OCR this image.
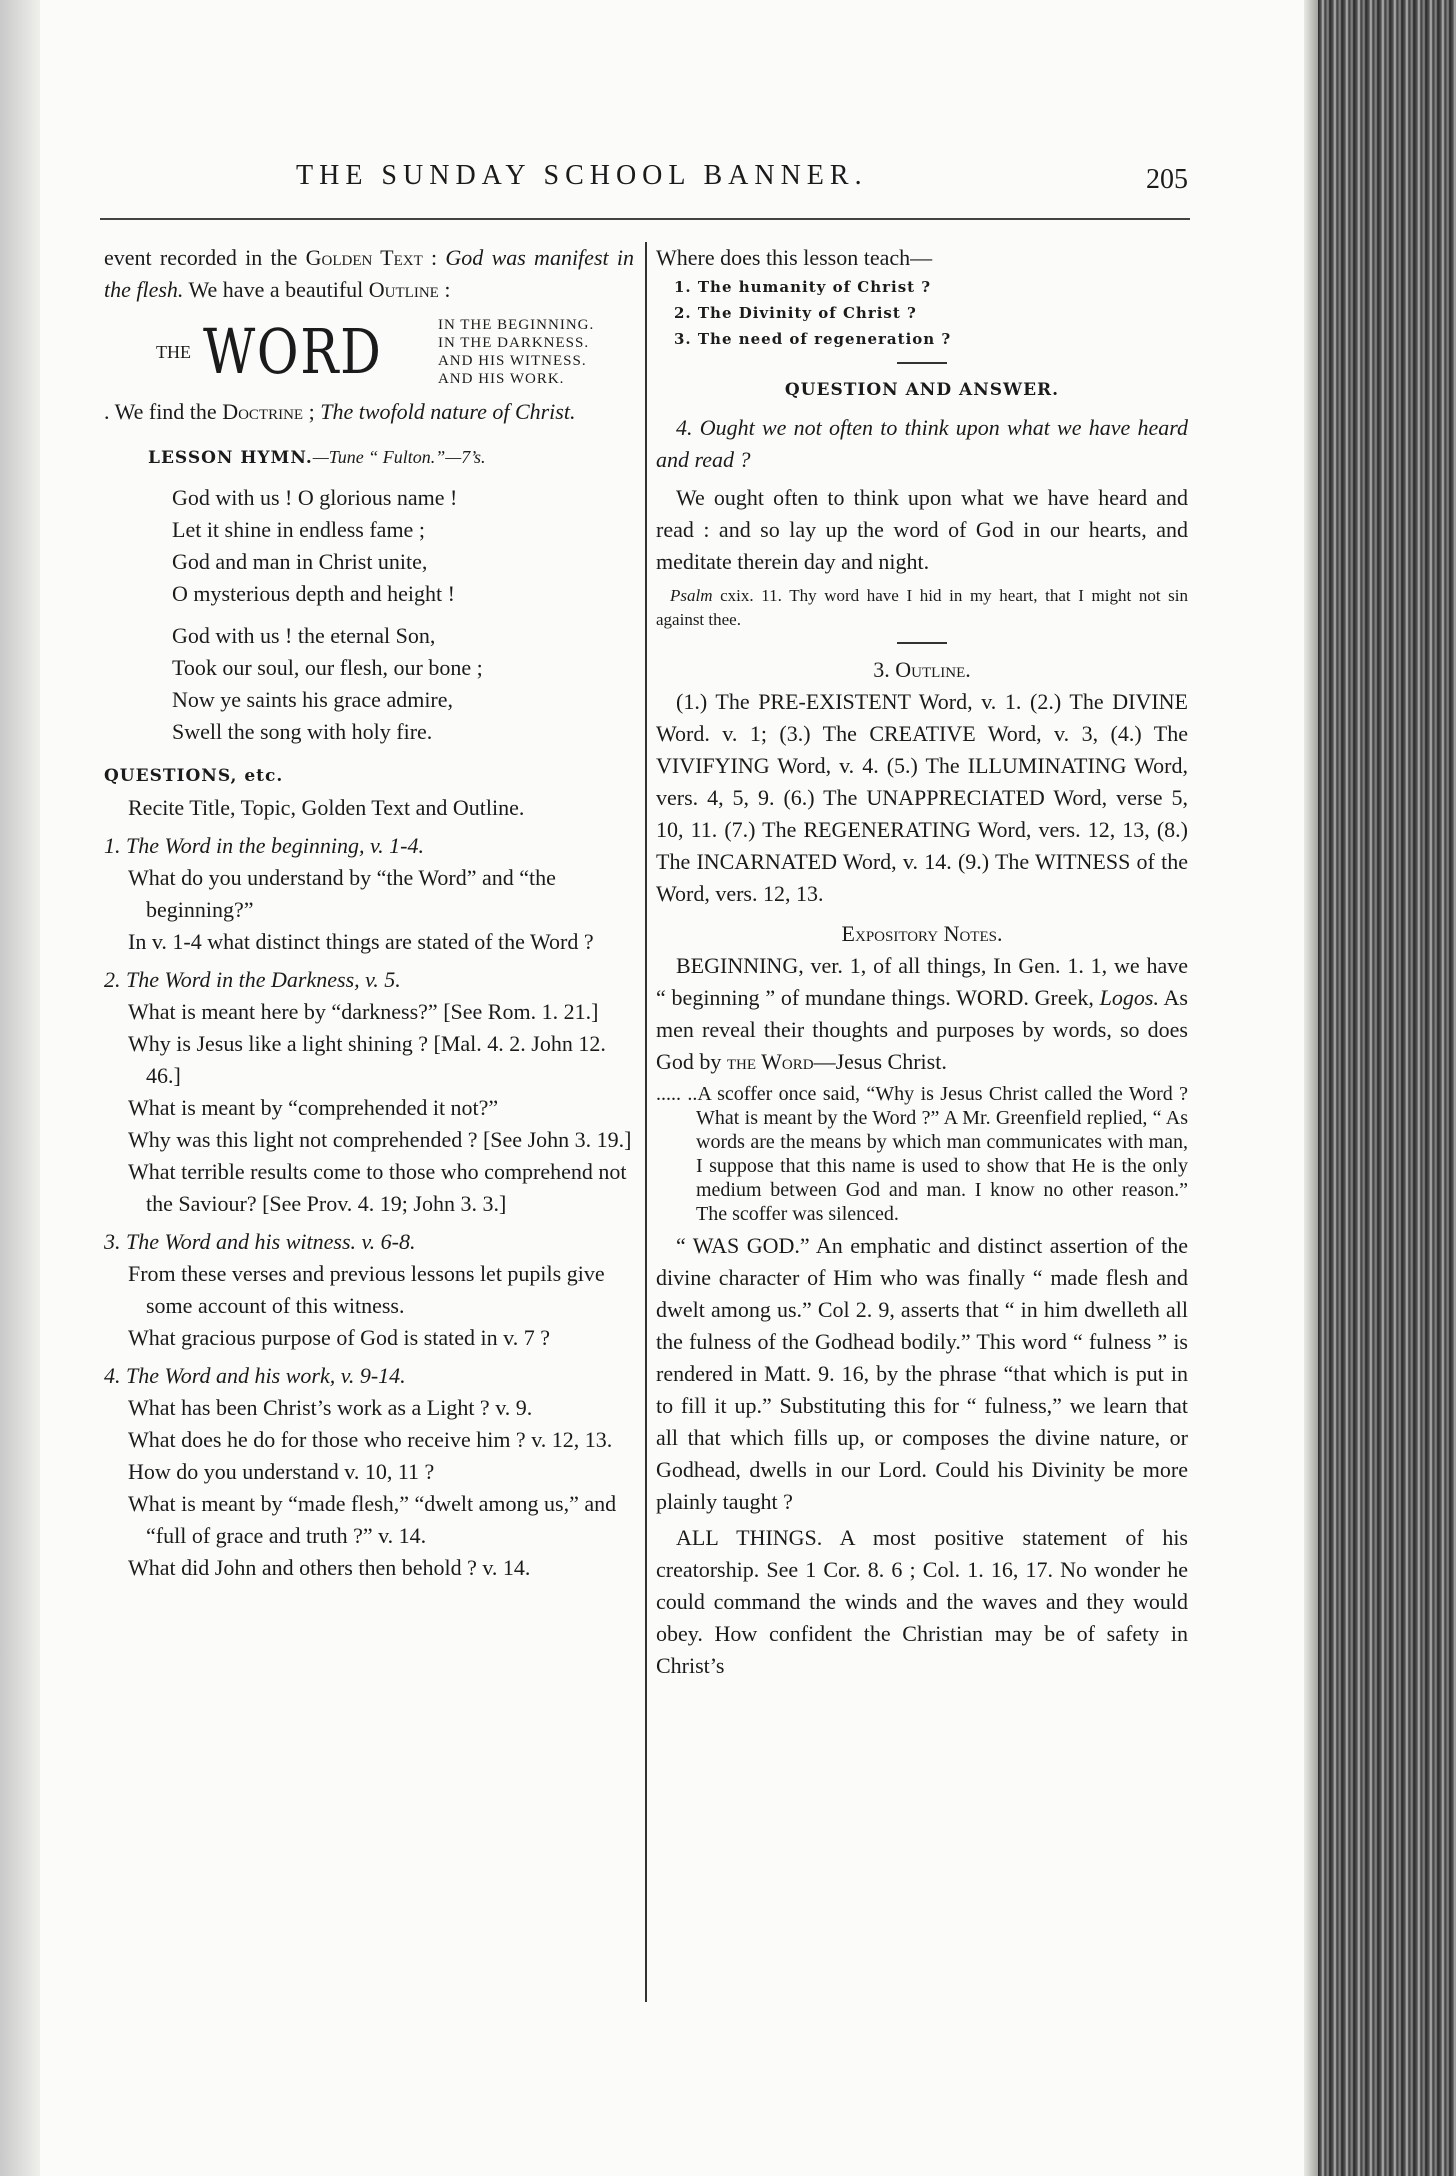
THE SUNDAY SCHOOL BANNER.	205

event recorded in the Golden Text : God was manifest in the flesh. We have a beautiful Outline :

THE WORD	IN THE BEGINNING.
IN THE DARKNESS.
AND HIS WITNESS.
AND HIS WORK.

. We find the Doctrine ; The twofold nature of Christ.

LESSON HYMN.—Tune “ Fulton.”—7’s.

God with us ! O glorious name !

Let it shine in endless fame ;

God and man in Christ unite,

O mysterious depth and height !

God with us ! the eternal Son,

Took our soul, our flesh, our bone ;

Now ye saints his grace admire,

Swell the song with holy fire.

QUESTIONS, etc.

Recite Title, Topic, Golden Text and Outline.

1. The Word in the beginning, v. 1-4.

What do you understand by “the Word” and “the beginning?”

In v. 1-4 what distinct things are stated of the Word ?

2. The Word in the Darkness, v. 5.

What is meant here by “darkness?” [See Rom. 1. 21.]

Why is Jesus like a light shining ? [Mal. 4. 2. John 12. 46.]

What is meant by “comprehended it not?”

Why was this light not comprehended ? [See John 3. 19.]

What terrible results come to those who comprehend not the Saviour? [See Prov. 4. 19; John 3. 3.]

3. The Word and his witness. v. 6-8.

From these verses and previous lessons let pupils give some account of this witness.

What gracious purpose of God is stated in v. 7 ?

4. The Word and his work, v. 9-14.

What has been Christ’s work as a Light ? v. 9.

What does he do for those who receive him ? v. 12, 13.

How do you understand v. 10, 11 ?

What is meant by “made flesh,” “dwelt among us,” and “full of grace and truth ?” v. 14.

What did John and others then behold ? v. 14.

Where does this lesson teach—

1. The humanity of Christ ?

2. The Divinity of Christ ?

3. The need of regeneration ?

QUESTION AND ANSWER.

4. Ought we not often to think upon what we have heard and read ?

We ought often to think upon what we have heard and read : and so lay up the word of God in our hearts, and meditate therein day and night.

Psalm cxix. 11. Thy word have I hid in my heart, that I might not sin against thee.

3. Outline.

(1.) The PRE-EXISTENT Word, v. 1. (2.) The DIVINE Word. v. 1; (3.) The CREATIVE Word, v. 3, (4.) The VIVIFYING Word, v. 4. (5.) The ILLUMINATING Word, vers. 4, 5, 9. (6.) The UNAPPRECIATED Word, verse 5, 10, 11. (7.) The REGENERATING Word, vers. 12, 13, (8.) The INCARNATED Word, v. 14. (9.) The WITNESS of the Word, vers. 12, 13.

Expository Notes.

BEGINNING, ver. 1, of all things, In Gen. 1. 1, we have “ beginning ” of mundane things. WORD. Greek, Logos. As men reveal their thoughts and purposes by words, so does God by the Word—Jesus Christ.

..... ..A scoffer once said, “Why is Jesus Christ called the Word ? What is meant by the Word ?” A Mr. Greenfield replied, “ As words are the means by which man communicates with man, I suppose that this name is used to show that He is the only medium between God and man. I know no other reason.” The scoffer was silenced.

“ WAS GOD.” An emphatic and distinct assertion of the divine character of Him who was finally “ made flesh and dwelt among us.” Col 2. 9, asserts that “ in him dwelleth all the fulness of the Godhead bodily.” This word “ fulness ” is rendered in Matt. 9. 16, by the phrase “that which is put in to fill it up.” Substituting this for “ fulness,” we learn that all that which fills up, or composes the divine nature, or Godhead, dwells in our Lord. Could his Divinity be more plainly taught ?

ALL THINGS. A most positive statement of his creatorship. See 1 Cor. 8. 6 ; Col. 1. 16, 17. No wonder he could command the winds and the waves and they would obey. How confident the Christian may be of safety in Christ’s
